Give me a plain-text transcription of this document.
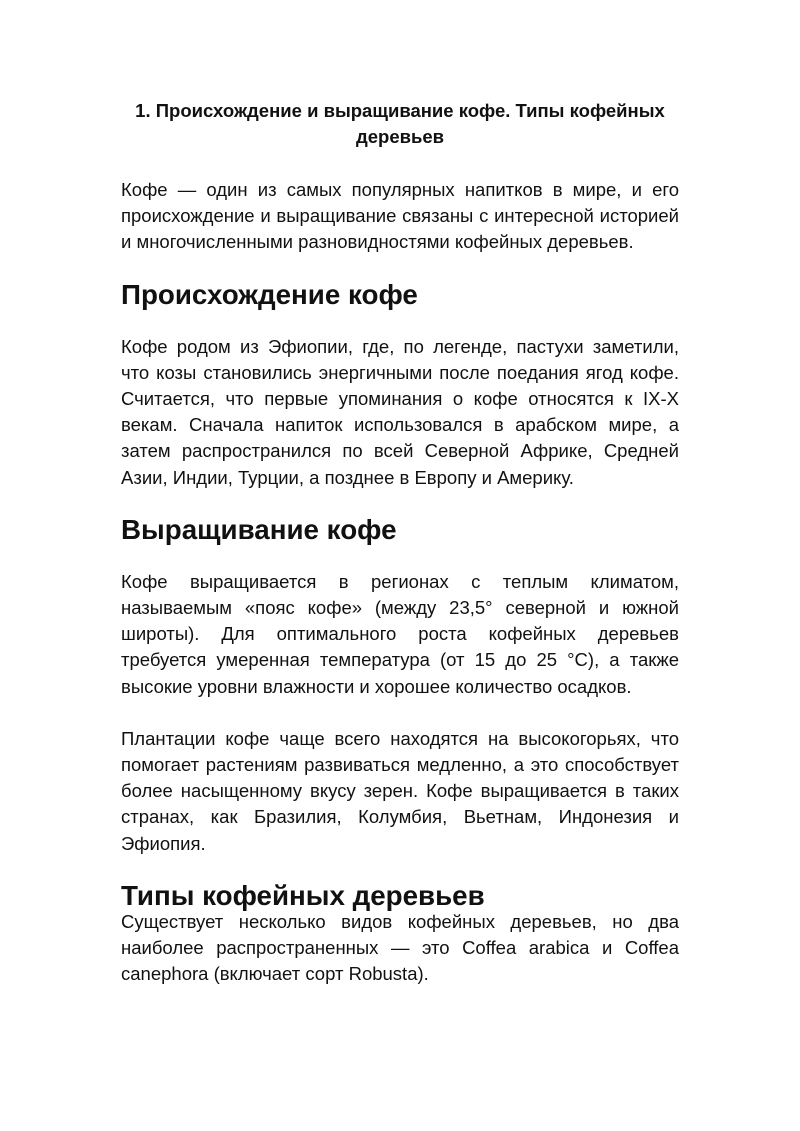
1. Происхождение и выращивание кофе. Типы кофейных
деревьев

Кофе — один из самых популярных напитков в мире, и его происхождение и выращивание связаны с интересной историей и многочисленными разновидностями кофейных деревьев.

Происхождение кофе

Кофе родом из Эфиопии, где, по легенде, пастухи заметили, что козы становились энергичными после поедания ягод кофе. Считается, что первые упоминания о кофе относятся к IX-X векам. Сначала напиток использовался в арабском мире, а затем распространился по всей Северной Африке, Средней Азии, Индии, Турции, а позднее в Европу и Америку.

Выращивание кофе

Кофе выращивается в регионах с теплым климатом, называемым «пояс кофе» (между 23,5° северной и южной широты). Для оптимального роста кофейных деревьев требуется умеренная температура (от 15 до 25 °C), а также высокие уровни влажности и хорошее количество осадков.

Плантации кофе чаще всего находятся на высокогорьях, что помогает растениям развиваться медленно, а это способствует более насыщенному вкусу зерен. Кофе выращивается в таких странах, как Бразилия, Колумбия, Вьетнам, Индонезия и Эфиопия.

Типы кофейных деревьев

Существует несколько видов кофейных деревьев, но два наиболее распространенных — это Coffea arabica и Coffea canephora (включает сорт Robusta).
